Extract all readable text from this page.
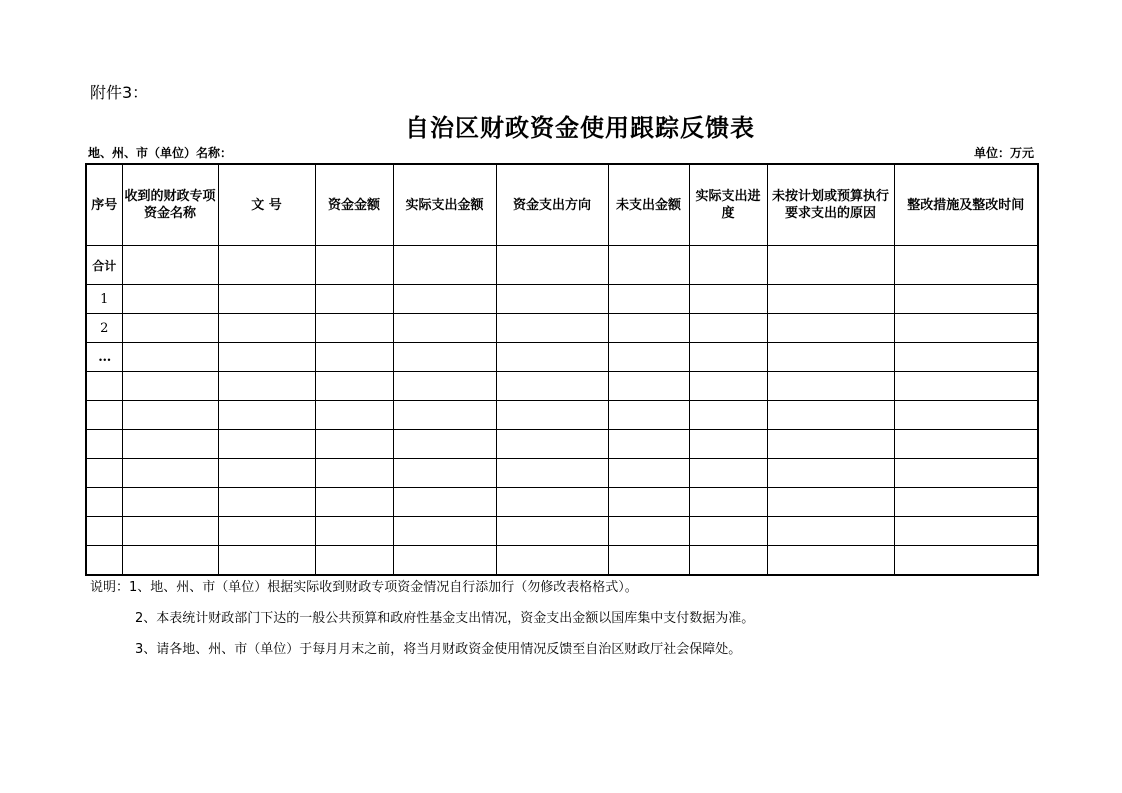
附件3：
自治区财政资金使用跟踪反馈表
地、州、市（单位）名称：	单位：万元
序号	收到的财政专项资金名称	文 号	资金金额	实际支出金额	资金支出方向	未支出金额	实际支出进度	未按计划或预算执行要求支出的原因	整改措施及整改时间
合计									
1									
2									
…									

说明：1、地、州、市（单位）根据实际收到财政专项资金情况自行添加行（勿修改表格格式）。
2、本表统计财政部门下达的一般公共预算和政府性基金支出情况，资金支出金额以国库集中支付数据为准。
3、请各地、州、市（单位）于每月月末之前，将当月财政资金使用情况反馈至自治区财政厅社会保障处。
